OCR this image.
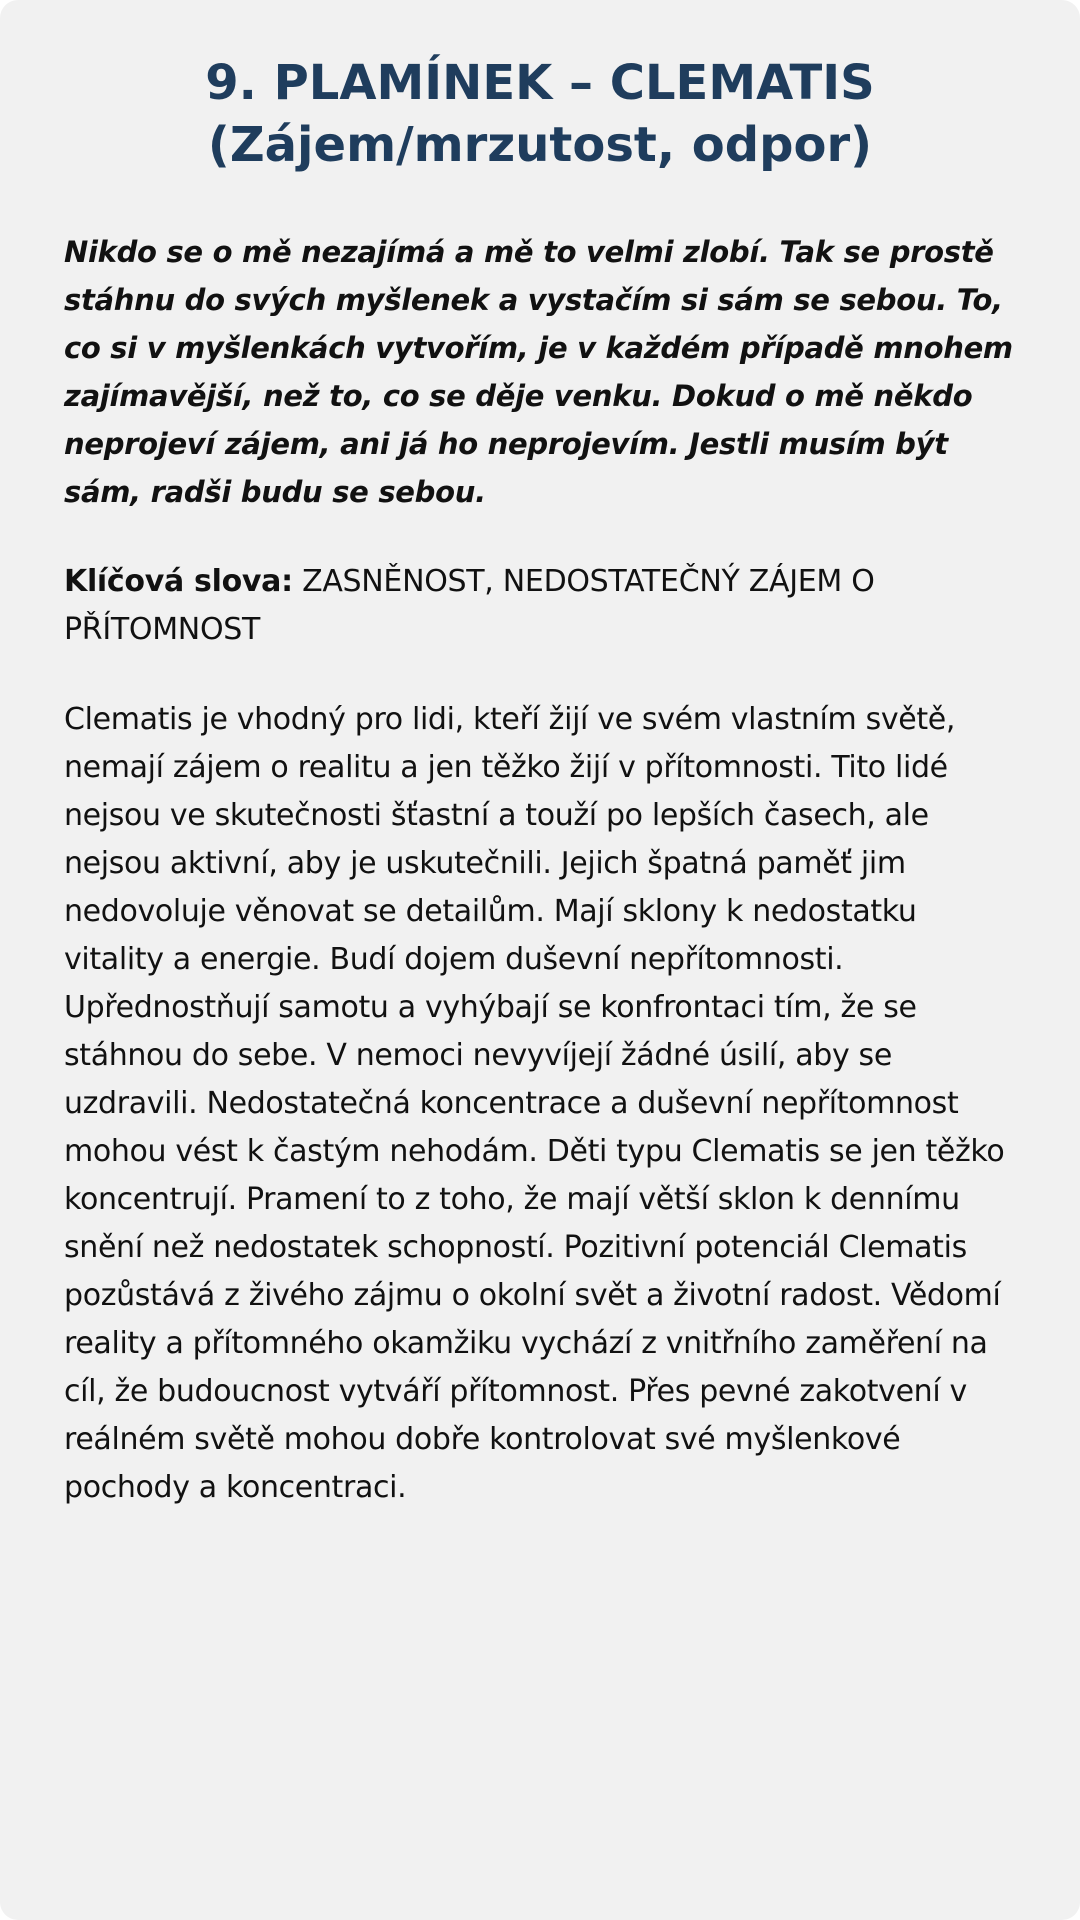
9. PLAMÍNEK – CLEMATIS
(Zájem/mrzutost, odpor)

Nikdo se o mě nezajímá a mě to velmi zlobí. Tak se prostě stáhnu do svých myšlenek a vystačím si sám se sebou. To, co si v myšlenkách vytvořím, je v každém případě mnohem zajímavější, než to, co se děje venku. Dokud o mě někdo neprojeví zájem, ani já ho neprojevím. Jestli musím být sám, radši budu se sebou.

Klíčová slova: ZASNĚNOST, NEDOSTATEČNÝ ZÁJEM O PŘÍTOMNOST

Clematis je vhodný pro lidi, kteří žijí ve svém vlastním světě, nemají zájem o realitu a jen těžko žijí v přítomnosti. Tito lidé nejsou ve skutečnosti šťastní a touží po lepších časech, ale nejsou aktivní, aby je uskutečnili. Jejich špatná paměť jim nedovoluje věnovat se detailům. Mají sklony k nedostatku vitality a energie. Budí dojem duševní nepřítomnosti. Upřednostňují samotu a vyhýbají se konfrontaci tím, že se stáhnou do sebe. V nemoci nevyvíjejí žádné úsilí, aby se uzdravili. Nedostatečná koncentrace a duševní nepřítomnost mohou vést k častým nehodám. Děti typu Clematis se jen těžko koncentrují. Pramení to z toho, že mají větší sklon k dennímu snění než nedostatek schopností. Pozitivní potenciál Clematis pozůstává z živého zájmu o okolní svět a životní radost. Vědomí reality a přítomného okamžiku vychází z vnitřního zaměření na cíl, že budoucnost vytváří přítomnost. Přes pevné zakotvení v reálném světě mohou dobře kontrolovat své myšlenkové pochody a koncentraci.
